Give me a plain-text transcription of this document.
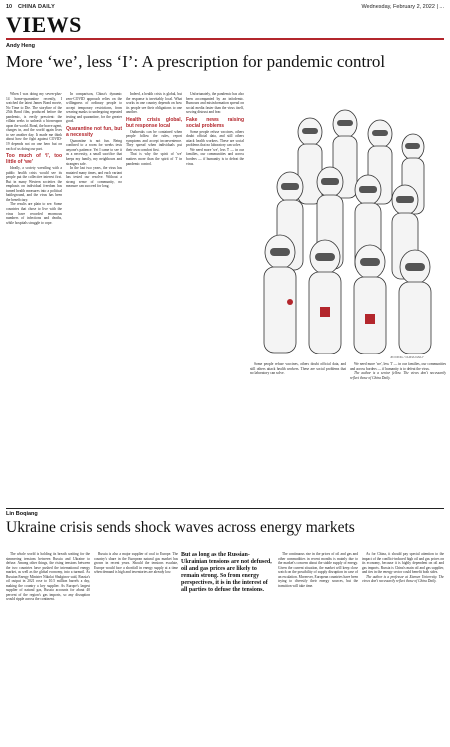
10 CHINA DAILY	Wednesday, February 2, 2022 | ...
VIEWS
Andy Heng
More ‘we’, less ‘I’: A prescription for pandemic control

When I was doing my seven-plus-14 home-quarantine recently, I watched the latest James Bond movie, No Time to Die. The storyline of the 25th Bond film, produced before the pandemic, is eerily prescient: the villain seeks to unleash a bioweapon upon the world. Bond, the brave agent, charges in, and the world again lives to see another day. It made me think about how the fight against COVID-19 depends not on one hero but on each of us doing our part.

Too much of ‘I’, too little of ‘we’

Ideally, a society wrestling with a public health crisis would see its people put the collective interest first. But in many Western societies the emphasis on individual freedom has turned health measures into a political battleground, and the virus has been the beneficiary.

The results are plain to see. Some countries that chose to live with the virus have recorded enormous numbers of infections and deaths, while hospitals struggle to cope.

In comparison, China's dynamic zero-COVID approach relies on the willingness of ordinary people to accept temporary restrictions, from wearing masks to undergoing repeated testing and quarantine, for the greater good.

Quarantine not fun, but a necessity

Quarantine is not fun. Being confined to a room for weeks tests anyone's patience. Yet I came to see it as a necessity, a small sacrifice that keeps my family, my neighbours and strangers safe.

In the last two years, the virus has mutated many times, and each variant has tested our resolve. Without a strong sense of community, no measure can succeed for long.

Indeed, a health crisis is global, but the response is inevitably local. What works in one country depends on how its people see their obligations to one another.

Health crisis global, but response local

Outbreaks can be contained when people follow the rules, report symptoms and accept inconvenience. They spread when individuals put their own comfort first.

That is why the spirit of 'we' matters more than the spirit of 'I' in pandemic control.

Unfortunately, the pandemic has also been accompanied by an infodemic. Rumours and misinformation spread on social media faster than the virus itself, sowing distrust and fear.

Fake news raising social problems

Some people refuse vaccines, others doubt official data, and still others attack health workers. These are social problems that no laboratory can solve.

We need more 'we', less 'I' — in our families, our communities and across borders — if humanity is to defeat the virus.

JIN DING / CHINA DAILY

Some people refuse vaccines, others doubt official data, and still others attack health workers. These are social problems that no laboratory can solve.

We need more 'we', less 'I' — in our families, our communities and across borders — if humanity is to defeat the virus.

The author is a senior fellow. The views don't necessarily reflect those of China Daily.

Lin Boqiang
Ukraine crisis sends shock waves across energy markets

The whole world is holding its breath waiting for the simmering tensions between Russia and Ukraine to defuse. Among other things, the rising tensions between the two countries have pushed the international energy market, as well as the global economy, into a turmoil. As Russian Energy Minister Nikolai Shulginov said, Russia's oil output in 2021 rose to 10.5 million barrels a day, making the country a key supplier. As Europe's largest supplier of natural gas, Russia accounts for about 40 percent of the region's gas imports, so any disruption would ripple across the continent.

Russia is also a major supplier of coal to Europe. The country's share in the European natural gas market has grown in recent years. Should the tensions escalate, Europe would face a shortfall in energy supply at a time when demand is high and inventories are already low.

But as long as the Russian-Ukrainian tensions are not defused, oil and gas prices are likely to remain strong. So from energy perspectives, it is in the interest of all parties to defuse the tensions.

The continuous rise in the prices of oil and gas and other commodities in recent months is mainly due to the market's concern about the stable supply of energy. Given the current situation, the market will keep close watch on the possibility of supply disruption in case of an escalation. Moreover, European countries have been trying to diversify their energy sources, but the transition will take time.

As for China, it should pay special attention to the impact of the conflict-induced high oil and gas prices on its economy, because it is highly dependent on oil and gas imports. Russia is China's main oil and gas supplier, and ties in the energy sector could benefit both sides.

The author is a professor at Xiamen University. The views don't necessarily reflect those of China Daily.
